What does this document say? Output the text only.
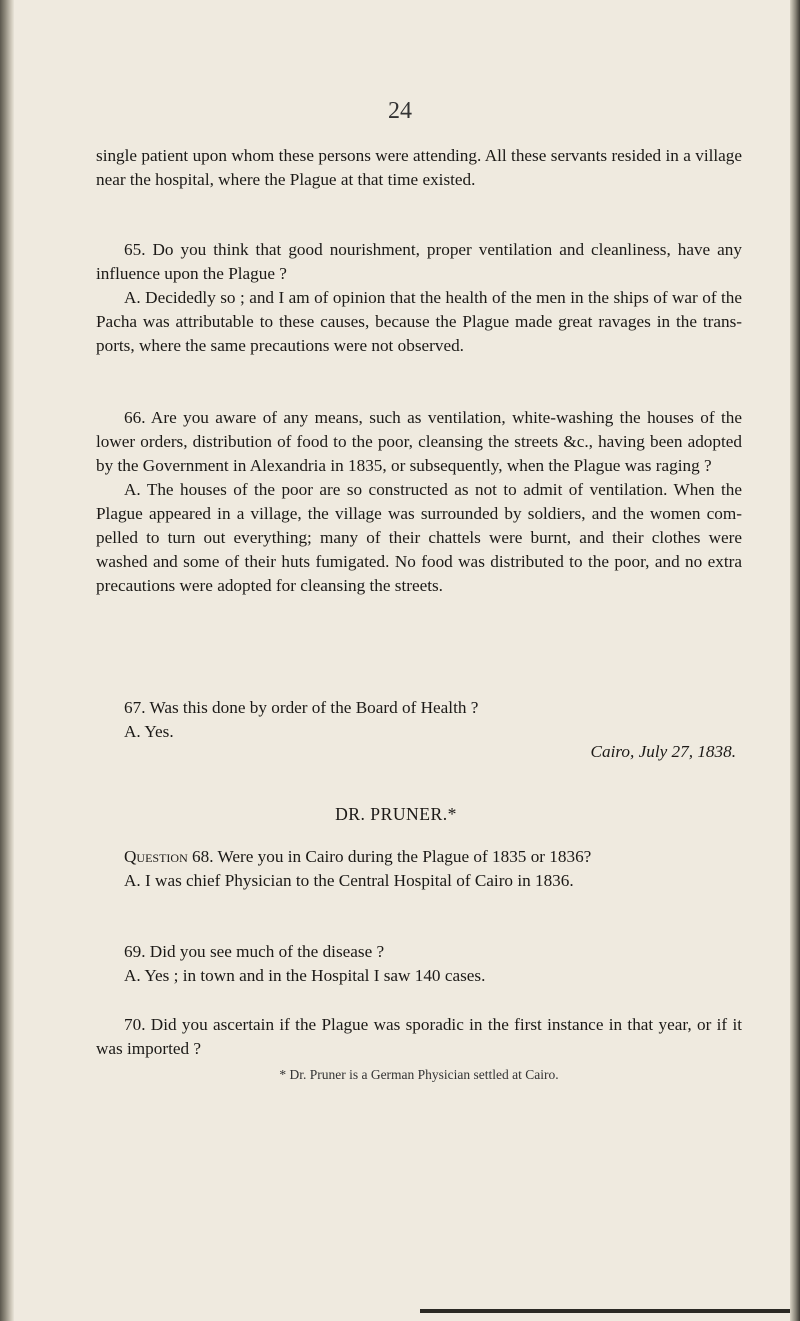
24

single patient upon whom these persons were attending. All these servants resided in a village near the hospital, where the Plague at that time existed.

65. Do you think that good nourishment, proper ventilation and cleanliness, have any influence upon the Plague ?

A. Decidedly so ; and I am of opinion that the health of the men in the ships of war of the Pacha was attributable to these causes, because the Plague made great ravages in the trans-ports, where the same precautions were not observed.

66. Are you aware of any means, such as ventilation, white-washing the houses of the lower orders, distribution of food to the poor, cleansing the streets &c., having been adopted by the Government in Alexandria in 1835, or subsequently, when the Plague was raging ?

A. The houses of the poor are so constructed as not to admit of ventilation. When the Plague appeared in a village, the village was surrounded by soldiers, and the women com-pelled to turn out everything; many of their chattels were burnt, and their clothes were washed and some of their huts fumigated. No food was distributed to the poor, and no extra precautions were adopted for cleansing the streets.

67. Was this done by order of the Board of Health ?

A. Yes.

Cairo, July 27, 1838.
DR. PRUNER.*

Question 68. Were you in Cairo during the Plague of 1835 or 1836?

A. I was chief Physician to the Central Hospital of Cairo in 1836.

69. Did you see much of the disease ?

A. Yes ; in town and in the Hospital I saw 140 cases.

70. Did you ascertain if the Plague was sporadic in the first instance in that year, or if it was imported ?

* Dr. Pruner is a German Physician settled at Cairo.
